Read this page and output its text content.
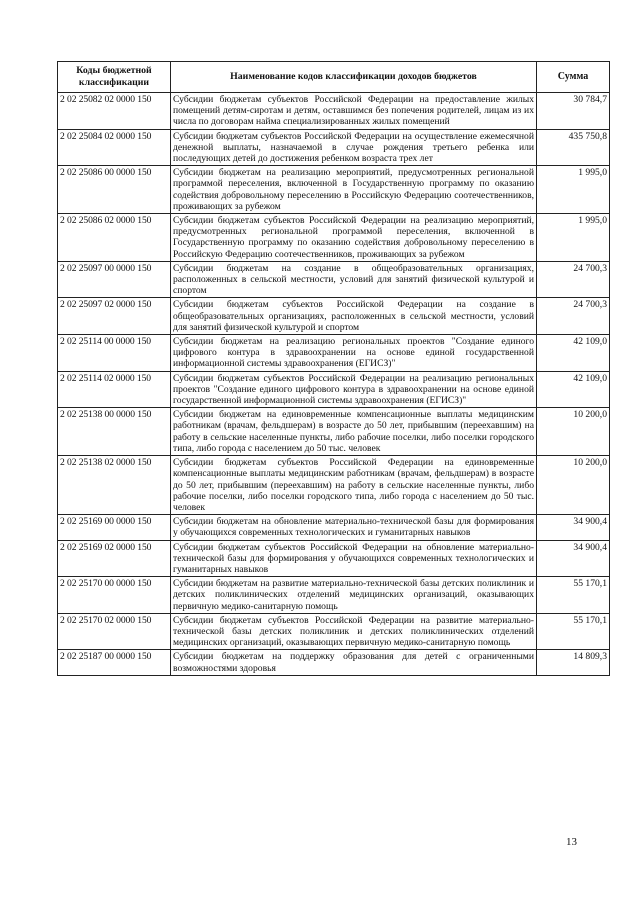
Коды бюджетной классификации	Наименование кодов классификации доходов бюджетов	Сумма
2 02 25082 02 0000 150	Субсидии бюджетам субъектов Российской Федерации на предоставление жилых помещений детям-сиротам и детям, оставшимся без попечения родителей, лицам из их числа по договорам найма специализированных жилых помещений	30 784,7
2 02 25084 02 0000 150	Субсидии бюджетам субъектов Российской Федерации на осуществление ежемесячной денежной выплаты, назначаемой в случае рождения третьего ребенка или последующих детей до достижения ребенком возраста трех лет	435 750,8
2 02 25086 00 0000 150	Субсидии бюджетам на реализацию мероприятий, предусмотренных региональной программой переселения, включенной в Государственную программу по оказанию содействия добровольному переселению в Российскую Федерацию соотечественников, проживающих за рубежом	1 995,0
2 02 25086 02 0000 150	Субсидии бюджетам субъектов Российской Федерации на реализацию мероприятий, предусмотренных региональной программой переселения, включенной в Государственную программу по оказанию содействия добровольному переселению в Российскую Федерацию соотечественников, проживающих за рубежом	1 995,0
2 02 25097 00 0000 150	Субсидии бюджетам на создание в общеобразовательных организациях, расположенных в сельской местности, условий для занятий физической культурой и спортом	24 700,3
2 02 25097 02 0000 150	Субсидии бюджетам субъектов Российской Федерации на создание в общеобразовательных организациях, расположенных в сельской местности, условий для занятий физической культурой и спортом	24 700,3
2 02 25114 00 0000 150	Субсидии бюджетам на реализацию региональных проектов "Создание единого цифрового контура в здравоохранении на основе единой государственной информационной системы здравоохранения (ЕГИСЗ)"	42 109,0
2 02 25114 02 0000 150	Субсидии бюджетам субъектов Российской Федерации на реализацию региональных проектов "Создание единого цифрового контура в здравоохранении на основе единой государственной информационной системы здравоохранения (ЕГИСЗ)"	42 109,0
2 02 25138 00 0000 150	Субсидии бюджетам на единовременные компенсационные выплаты медицинским работникам (врачам, фельдшерам) в возрасте до 50 лет, прибывшим (переехавшим) на работу в сельские населенные пункты, либо рабочие поселки, либо поселки городского типа, либо города с населением до 50 тыс. человек	10 200,0
2 02 25138 02 0000 150	Субсидии бюджетам субъектов Российской Федерации на единовременные компенсационные выплаты медицинским работникам (врачам, фельдшерам) в возрасте до 50 лет, прибывшим (переехавшим) на работу в сельские населенные пункты, либо рабочие поселки, либо поселки городского типа, либо города с населением до 50 тыс. человек	10 200,0
2 02 25169 00 0000 150	Субсидии бюджетам на обновление материально-технической базы для формирования у обучающихся современных технологических и гуманитарных навыков	34 900,4
2 02 25169 02 0000 150	Субсидии бюджетам субъектов Российской Федерации на обновление материально-технической базы для формирования у обучающихся современных технологических и гуманитарных навыков	34 900,4
2 02 25170 00 0000 150	Субсидии бюджетам на развитие материально-технической базы детских поликлиник и детских поликлинических отделений медицинских организаций, оказывающих первичную медико-санитарную помощь	55 170,1
2 02 25170 02 0000 150	Субсидии бюджетам субъектов Российской Федерации на развитие материально-технической базы детских поликлиник и детских поликлинических отделений медицинских организаций, оказывающих первичную медико-санитарную помощь	55 170,1
2 02 25187 00 0000 150	Субсидии бюджетам на поддержку образования для детей с ограниченными возможностями здоровья	14 809,3
13
